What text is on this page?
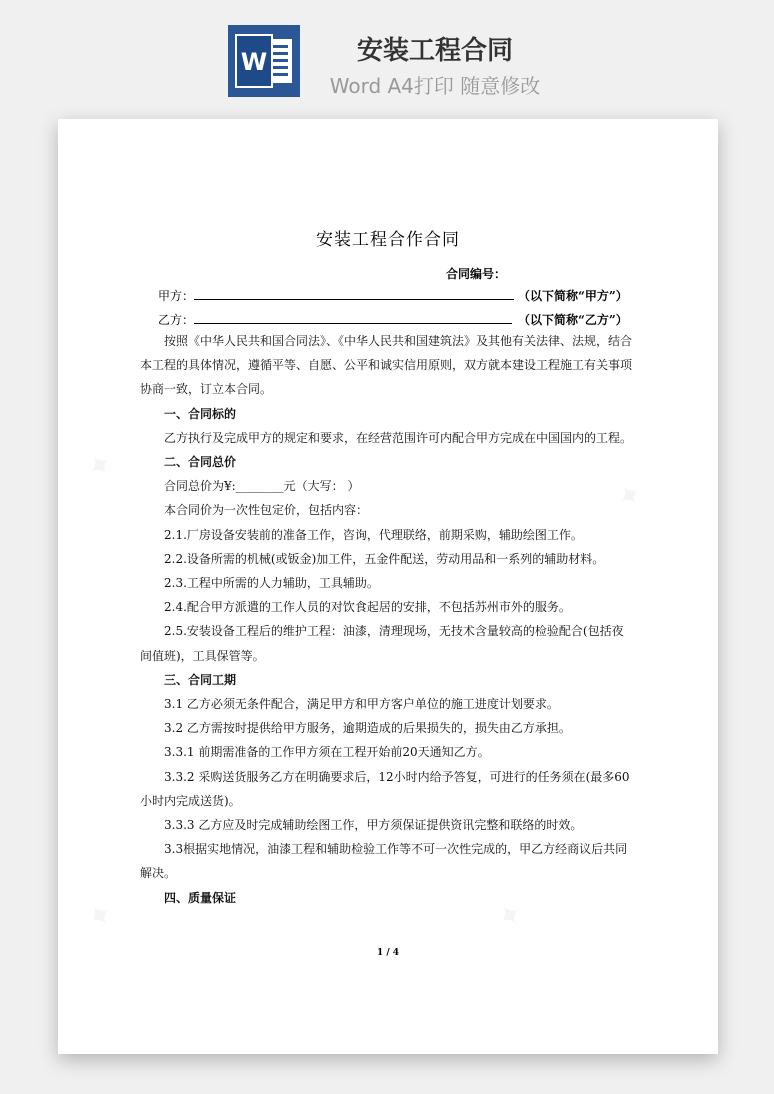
W	安装工程合同
Word A4打印 随意修改
✦
✦
✦	✦
安装工程合作合同
合同编号：
甲方：	（以下简称“甲方”）
乙方：	（以下简称“乙方”）

按照《中华人民共和国合同法》、《中华人民共和国建筑法》及其他有关法律、法规，结合本工程的具体情况，遵循平等、自愿、公平和诚实信用原则，双方就本建设工程施工有关事项协商一致，订立本合同。

一、合同标的

乙方执行及完成甲方的规定和要求，在经营范围许可内配合甲方完成在中国国内的工程。

二、合同总价

合同总价为¥:________元（大写： ）

本合同价为一次性包定价，包括内容：

2.1.厂房设备安装前的准备工作，咨询，代理联络，前期采购，辅助绘图工作。

2.2.设备所需的机械(或钣金)加工件，五金件配送，劳动用品和一系列的辅助材料。

2.3.工程中所需的人力辅助，工具辅助。

2.4.配合甲方派遣的工作人员的对饮食起居的安排，不包括苏州市外的服务。

2.5.安装设备工程后的维护工程：油漆，清理现场，无技术含量较高的检验配合(包括夜间值班)，工具保管等。

三、合同工期

3.1 乙方必须无条件配合，满足甲方和甲方客户单位的施工进度计划要求。

3.2 乙方需按时提供给甲方服务，逾期造成的后果损失的，损失由乙方承担。

3.3.1 前期需准备的工作甲方须在工程开始前20天通知乙方。

3.3.2 采购送货服务乙方在明确要求后，12小时内给予答复，可进行的任务须在(最多60小时内完成送货)。

3.3.3 乙方应及时完成辅助绘图工作，甲方须保证提供资讯完整和联络的时效。

3.3根据实地情况，油漆工程和辅助检验工作等不可一次性完成的，甲乙方经商议后共同解决。

四、质量保证

1 / 4
